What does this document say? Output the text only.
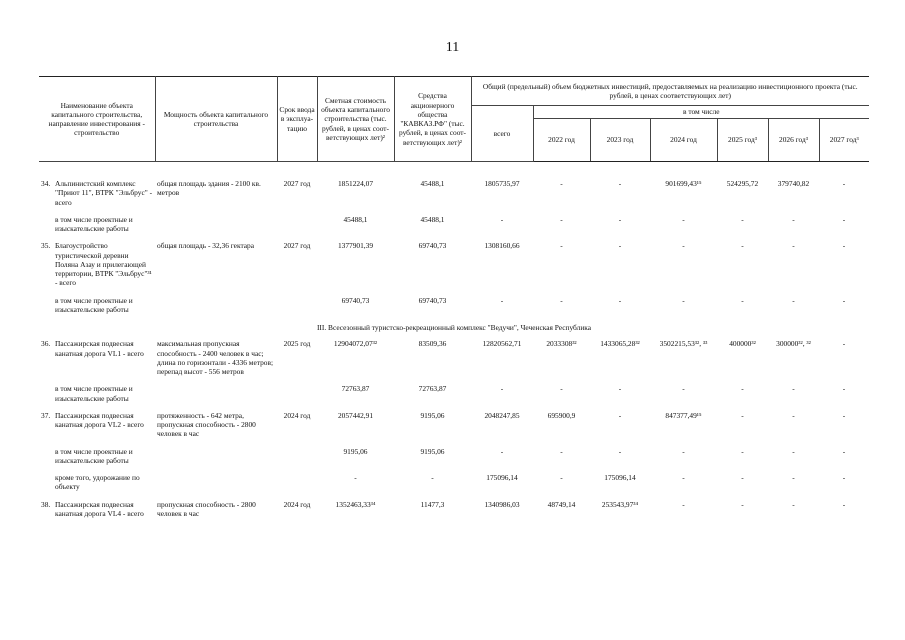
11
Наименование объекта капитального строительства, направление инвестирования - строительство	Мощность объекта капитального строительства	Срок ввода в эксплуа-тацию	Сметная стоимость объекта капитального строительства (тыс. рублей, в ценах соот-ветствующих лет)²	Средства акционерного общества "КАВКАЗ.РФ" (тыс. рублей, в ценах соот-ветствующих лет)²	Общий (предельный) объем бюджетных инвестиций, предоставляемых на реализацию инвестиционного проекта (тыс. рублей, в ценах соответствующих лет)						
					всего	в том числе					
						2022 год	2023 год	2024 год	2025 год³	2026 год³	2027 год³

34. Альпинистский комплекс "Приют 11", ВТРК "Эльбрус" - всего	общая площадь здания - 2100 кв. метров	2027 год	1851224,07	45488,1	1805735,97	-	-	901699,43¹⁵	524295,72	379740,82	-
в том числе проектные и изыскательские работы			45488,1	45488,1	-	-	-	-	-	-	-
35. Благоустройство туристической деревни Поляна Азау и прилегающей территории, ВТРК "Эльбрус"³¹ - всего	общая площадь - 32,36 гектара	2027 год	1377901,39	69740,73	1308160,66	-	-	-	-	-	-
в том числе проектные и изыскательские работы			69740,73	69740,73	-	-	-	-	-	-	-
III. Всесезонный туристско-рекреационный комплекс "Ведучи", Чеченская Республика											
36. Пассажирская подвесная канатная дорога VL1 - всего	максимальная пропускная способность - 2400 человек в час; длина по горизонтали - 4336 метров; перепад высот - 556 метров	2025 год	12904072,07³²	83509,36	12820562,71	2033308³²	1433065,28³²	3502215,53³², ³³	400000³²	300000³², ³²	-
в том числе проектные и изыскательские работы			72763,87	72763,87	-	-	-	-	-	-	-
37. Пассажирская подвесная канатная дорога VL2 - всего	протяженность - 642 метра, пропускная способность - 2800 человек в час	2024 год	2057442,91	9195,06	2048247,85	695900,9	-	847377,49¹⁵	-	-	-
в том числе проектные и изыскательские работы			9195,06	9195,06	-	-	-	-	-	-	-
кроме того, удорожание по объекту			-	-	175096,14	-	175096,14	-	-	-	-
38. Пассажирская подвесная канатная дорога VL4 - всего	пропускная способность - 2800 человек в час	2024 год	1352463,33³⁴	11477,3	1340986,03	48749,14	253543,97³⁴	-	-	-	-
